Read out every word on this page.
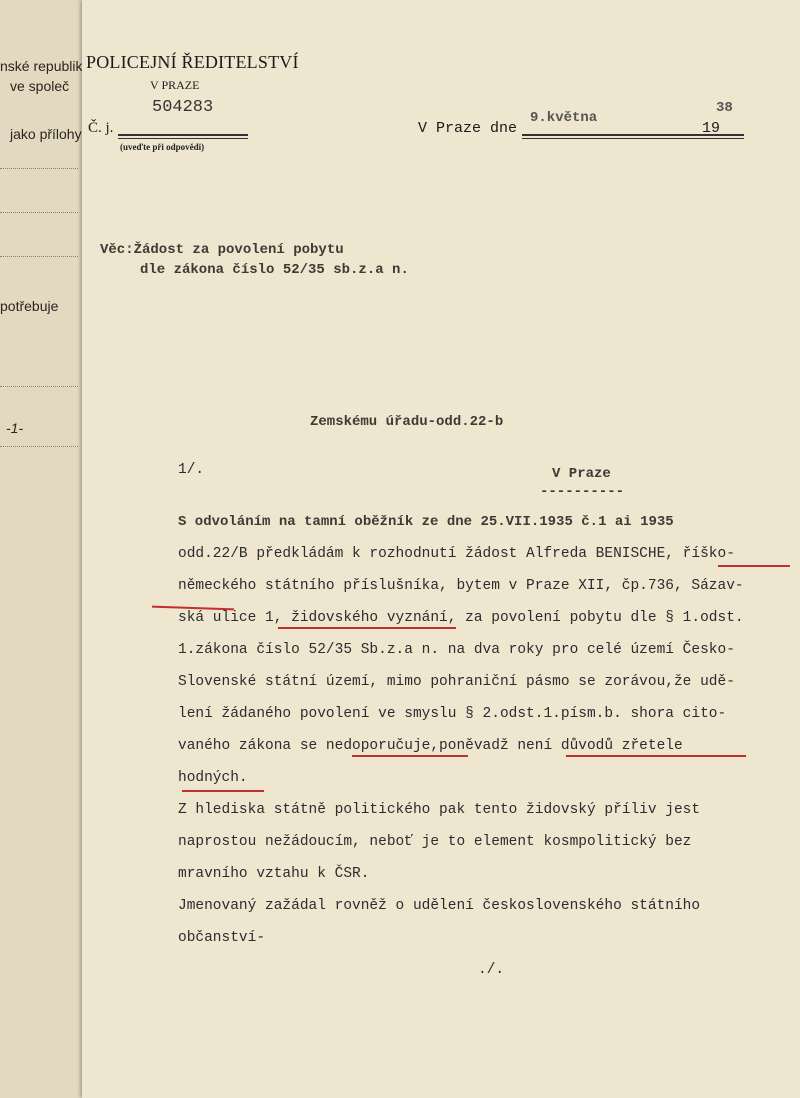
nské republik
ve společ
jako přílohy
potřebuje
-1-
POLICEJNÍ ŘEDITELSTVÍ
V PRAZE
504283
Č. j.
(uveďte při odpovědi)
V Praze dne
9.května
19
38
Věc:Žádost za povolení pobytu
dle zákona číslo 52/35 sb.z.a n.
Zemskému úřadu-odd.22-b
1/.	V Praze
----------
S odvoláním na tamní oběžník ze dne 25.VII.1935 č.1 ai 1935
odd.22/B předkládám k rozhodnutí žádost Alfreda BENISCHE, říško-
německého státního příslušníka, bytem v Praze XII, čp.736, Sázav-
ská ulice 1, židovského vyznání, za povolení pobytu dle § 1.odst.
1.zákona číslo 52/35 Sb.z.a n. na dva roky pro celé území Česko-
Slovenské státní území, mimo pohraniční pásmo se zorávou,že udě-
lení žádaného povolení ve smyslu § 2.odst.1.písm.b. shora cito-
vaného zákona se nedoporučuje,poněvadž není důvodů zřetele
hodných.
Z hlediska státně politického pak tento židovský příliv jest
naprostou nežádoucím, neboť je to element kosmpolitický bez
mravního vztahu k ČSR.
Jmenovaný zažádal rovněž o udělení československého státního
občanství-
./.
